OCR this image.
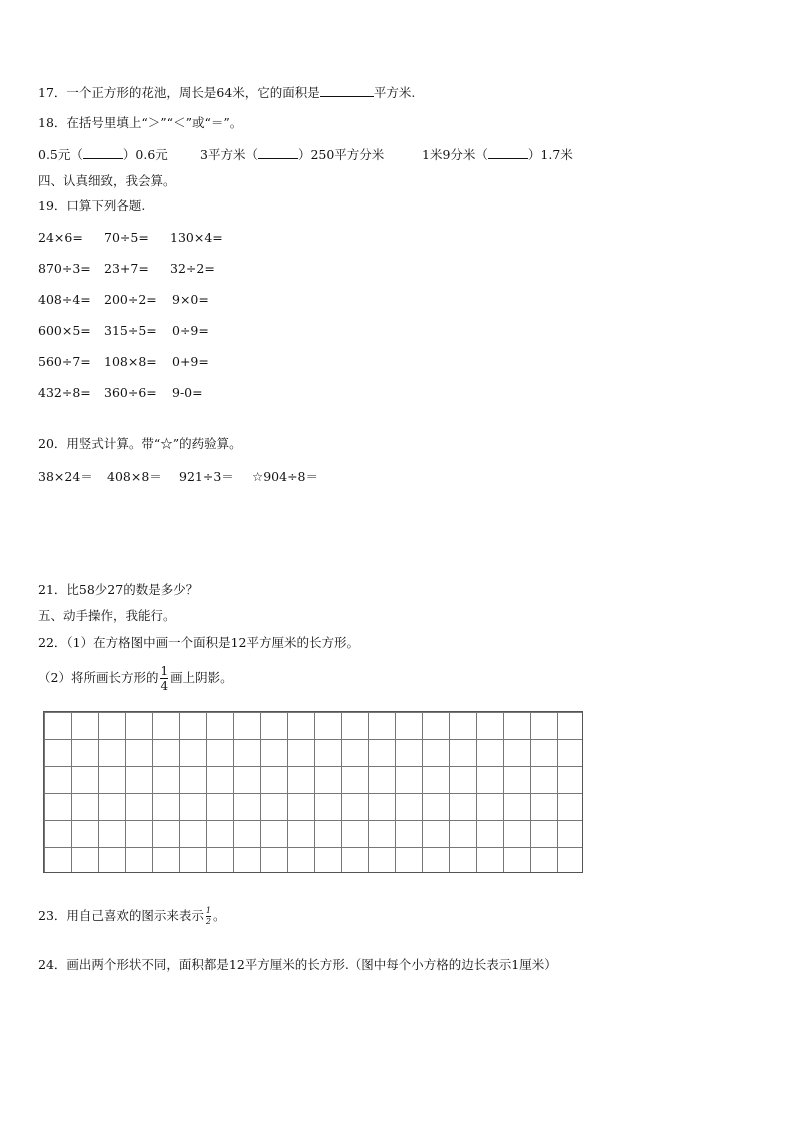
17．一个正方形的花池，周长是64米，它的面积是	平方米.
18．在括号里填上“＞”“＜”或“＝”。
0.5元（	）0.6元	3平方米（	）250平方分米	1米9分米（	）1.7米
四、认真细致，我会算。
19．口算下列各题.
24×6= 70÷5= 130×4=
870÷3= 23+7= 32÷2=
408÷4= 200÷2= 9×0=
600×5= 315÷5= 0÷9=
560÷7= 108×8= 0+9=
432÷8= 360÷6= 9-0=
20．用竖式计算。带“☆”的药验算。
38×24＝ 408×8＝ 921÷3＝ ☆904÷8＝
21．比58少27的数是多少？
五、动手操作，我能行。
22．（1）在方格图中画一个面积是12平方厘米的长方形。
（2）将所画长方形的 $\frac{1}{4}$ 画上阴影。
23．用自己喜欢的图示来表示 $\frac{1}{2}$ 。
24．画出两个形状不同，面积都是12平方厘米的长方形.（图中每个小方格的边长表示1厘米）
